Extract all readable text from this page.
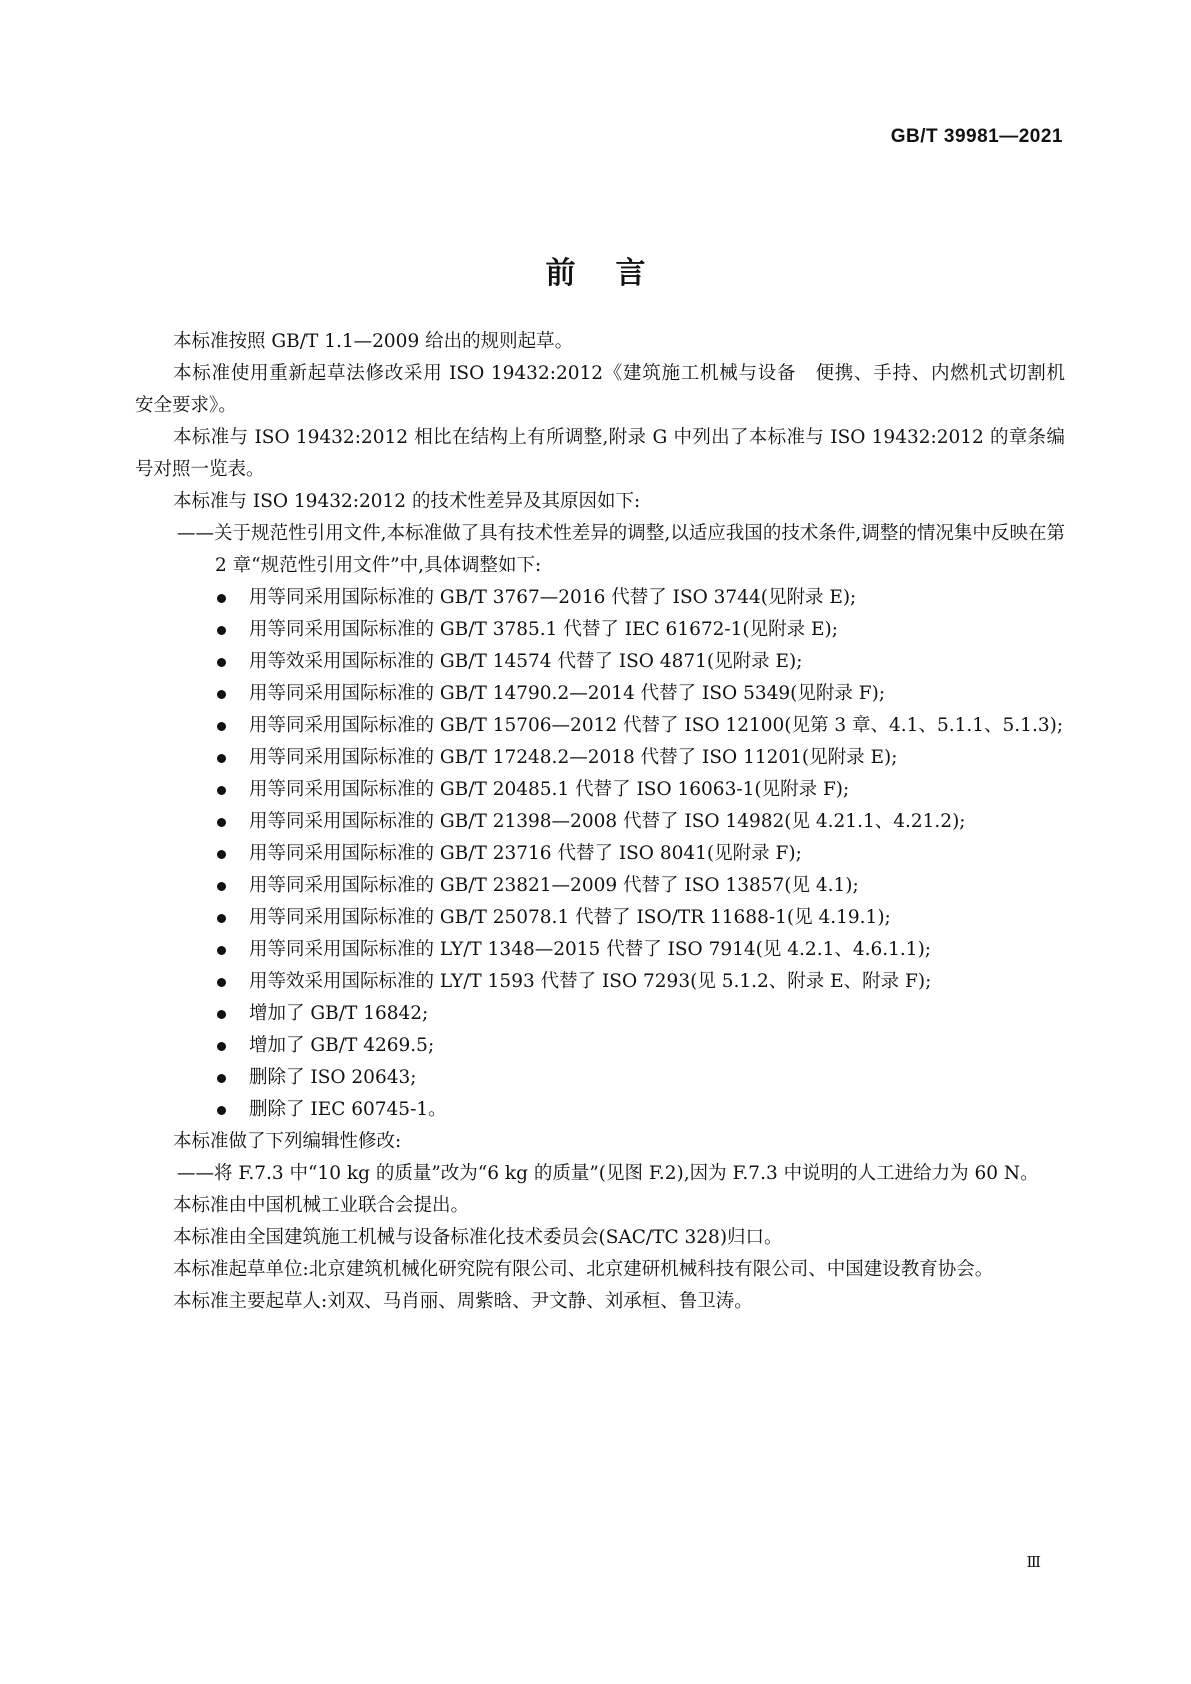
GB/T 39981—2021
前言

本标准按照 GB/T 1.1—2009 给出的规则起草。

本标准使用重新起草法修改采用 ISO 19432:2012《建筑施工机械与设备　便携、手持、内燃机式切割机　安全要求》。

本标准与 ISO 19432:2012 相比在结构上有所调整,附录 G 中列出了本标准与 ISO 19432:2012 的章条编号对照一览表。

本标准与 ISO 19432:2012 的技术性差异及其原因如下:

——关于规范性引用文件,本标准做了具有技术性差异的调整,以适应我国的技术条件,调整的情况集中反映在第 2 章“规范性引用文件”中,具体调整如下:

用等同采用国际标准的 GB/T 3767—2016 代替了 ISO 3744(见附录 E);
用等同采用国际标准的 GB/T 3785.1 代替了 IEC 61672-1(见附录 E);
用等效采用国际标准的 GB/T 14574 代替了 ISO 4871(见附录 E);
用等同采用国际标准的 GB/T 14790.2—2014 代替了 ISO 5349(见附录 F);
用等同采用国际标准的 GB/T 15706—2012 代替了 ISO 12100(见第 3 章、4.1、5.1.1、5.1.3);
用等同采用国际标准的 GB/T 17248.2—2018 代替了 ISO 11201(见附录 E);
用等同采用国际标准的 GB/T 20485.1 代替了 ISO 16063-1(见附录 F);
用等同采用国际标准的 GB/T 21398—2008 代替了 ISO 14982(见 4.21.1、4.21.2);
用等同采用国际标准的 GB/T 23716 代替了 ISO 8041(见附录 F);
用等同采用国际标准的 GB/T 23821—2009 代替了 ISO 13857(见 4.1);
用等同采用国际标准的 GB/T 25078.1 代替了 ISO/TR 11688-1(见 4.19.1);
用等同采用国际标准的 LY/T 1348—2015 代替了 ISO 7914(见 4.2.1、4.6.1.1);
用等效采用国际标准的 LY/T 1593 代替了 ISO 7293(见 5.1.2、附录 E、附录 F);
增加了 GB/T 16842;
增加了 GB/T 4269.5;
删除了 ISO 20643;
删除了 IEC 60745-1。

本标准做了下列编辑性修改:

——将 F.7.3 中“10 kg 的质量”改为“6 kg 的质量”(见图 F.2),因为 F.7.3 中说明的人工进给力为 60 N。

本标准由中国机械工业联合会提出。

本标准由全国建筑施工机械与设备标准化技术委员会(SAC/TC 328)归口。

本标准起草单位:北京建筑机械化研究院有限公司、北京建研机械科技有限公司、中国建设教育协会。

本标准主要起草人:刘双、马肖丽、周紫晗、尹文静、刘承桓、鲁卫涛。

Ⅲ
